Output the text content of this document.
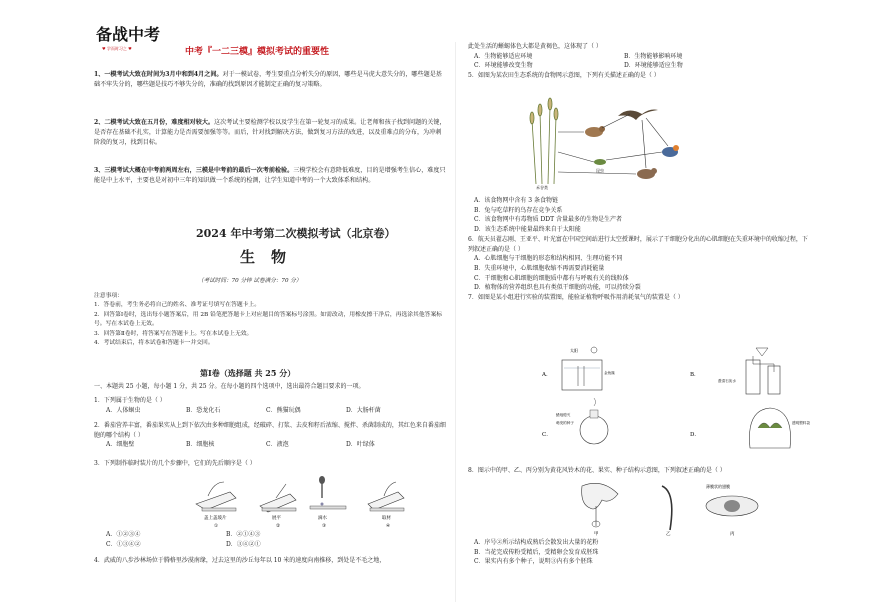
备战中考
♥ 学而时习之 ♥	中考『一二三模』模拟考试的重要性
1、一模考试大致在时间为3月中和到4月之间。对于一模试卷，考生要重点分析失分的原因，哪些是马虎大意失分的，哪些题是基础不牢失分的，哪些题是技巧不够失分的，准确的找到原因才能制定正确的复习策略。
2、二模考试大致在五月份，难度相对较大。这次考试主要检测学校以及学生在第一轮复习的成果。让老师和孩子找到问题的关键，是否存在基础不扎实，计算能力是否需要加强等等。而后，针对找到解决方法，做到复习方法的改进，以及重难点的分布，为冲刺阶段的复习，找到目标。
3、三模考试大概在中考前两周左右，三模是中考前的最后一次考前检验。三模学校会有意降低难度，目的是增强考生信心，难度只能是中上水平，主要也是对初中三年的知识做一个系统的检测，让学生知道中考的一个大致体系和结构。
2024 年中考第二次模拟考试（北京卷）
生物
（考试时间：70 分钟 试卷满分：70 分）
注意事项：
1．答卷前，考生务必将自己的姓名、准考证号填写在答题卡上。
2．回答第Ⅰ卷时，选出每小题答案后，用 2B 铅笔把答题卡上对应题目的答案标号涂黑。如需改动，用橡皮擦干净后，再选涂其他答案标号。写在本试卷上无效。
3．回答第Ⅱ卷时，将答案写在答题卡上。写在本试卷上无效。
4．考试结束后，将本试卷和答题卡一并交回。
第Ⅰ卷（选择题 共 25 分）
一、本题共 25 小题，每小题 1 分，共 25 分。在每小题的四个选项中，选出最符合题目要求的一项。
1．下列属于生物的是（ ）
A．人体蛔虫	B．恐龙化石	C．熊猫玩偶	D．大肠杆菌
2．番茄营养丰富，番茄果实从上到下依次由多种细胞组成，经破碎、打浆、去皮和籽后浓缩、搅拌、杀菌制成的，其红色来自番茄细胞的哪个结构（ ）
A．细胞壁	B．细胞核	C．液泡	D．叶绿体
3．下列制作临时装片的几个步骤中，它们的先后顺序是（ ）
盖上盖玻片	展平	滴水	取材
①	②	③	④
A．①②③④	B．②①④③
C．①③④②	D．③④②①
4．武威的八步沙林场位于腾格里沙漠南缘，过去这里的沙丘每年以 10 米的速度向南推移，到处是不毛之地，
此处生活的蜥蜴体色大都是黄褐色，这体现了（ ）
A．生物能够适应环境	B．生物能够影响环境
C．环境能够改变生物	D．环境能够适应生物
5．如图为某农田生态系统的食物网示意图，下列有关描述正确的是（ ）
禾谷类
昆虫
A．该食物网中含有 3 条食物链
B．兔与吃草籽的鸟存在竞争关系
C．该食物网中有毒物质 DDT 含量最多的生物是生产者
D．该生态系统中能量最终来自于太阳能
6．航天员翟志刚、王亚平、叶光富在中国空间站进行太空授课时，展示了干细胞分化出的心肌细胞在失重环境中的收缩过程，下列叙述正确的是（ ）
A．心肌细胞与干细胞的形态和结构相同、生理功能不同
B．失重环境中，心肌细胞收缩不再需要消耗能量
C．干细胞和心肌细胞的细胞质中都有与呼吸有关的线粒体
D．植物体的营养组织也具有类似干细胞的功能，可以持续分裂
7．如图是某小组进行实验的装置图，能验证植物呼吸作用消耗氧气的装置是（ ）
A．	B．
C．	D．
太阳
金鱼藻
澄清石灰水
蜡烛熄灭
萌发的种子	透明塑料袋
8．图示中的甲、乙、丙分别为黄花风铃木的花、果实、种子结构示意图，下列叙述正确的是（ ）
薄膜状的翅膜
甲	乙	丙
A．序号②所示结构成熟后会散发出大量的花粉
B．当花完成传粉受精后，受精卵会发育成胚珠
C．果实内有多个种子，说明③内有多个胚珠
